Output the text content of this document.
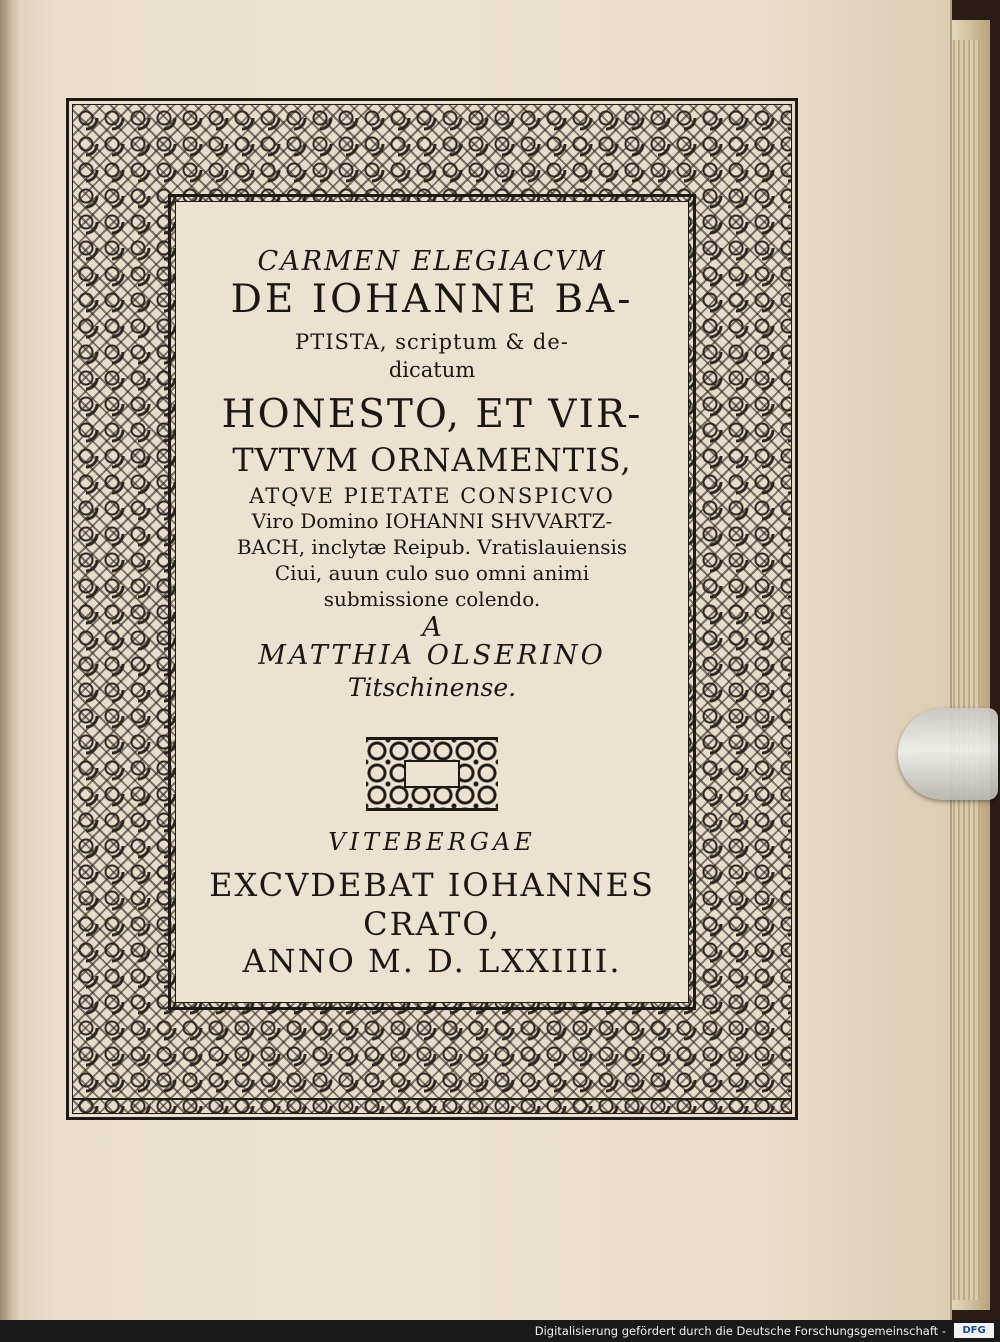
CARMEN ELEGIACVM
DE IOHANNE BA-
PTISTA, scriptum & de-
dicatum
HONESTO, ET VIR-
TVTVM ORNAMENTIS,
ATQVE PIETATE CONSPICVO
Viro Domino IOHANNI SHVVARTZ-
BACH, inclytæ Reipub. Vratislauiensis
Ciui, auun culo suo omni animi
submissione colendo.
A
MATTHIA OLSERINO
Titschinense.
VITEBERGAE
EXCVDEBAT IOHANNES
CRATO,
ANNO M. D. LXXIIII.
Digitalisierung gefördert durch die Deutsche Forschungsgemeinschaft -	DFG
